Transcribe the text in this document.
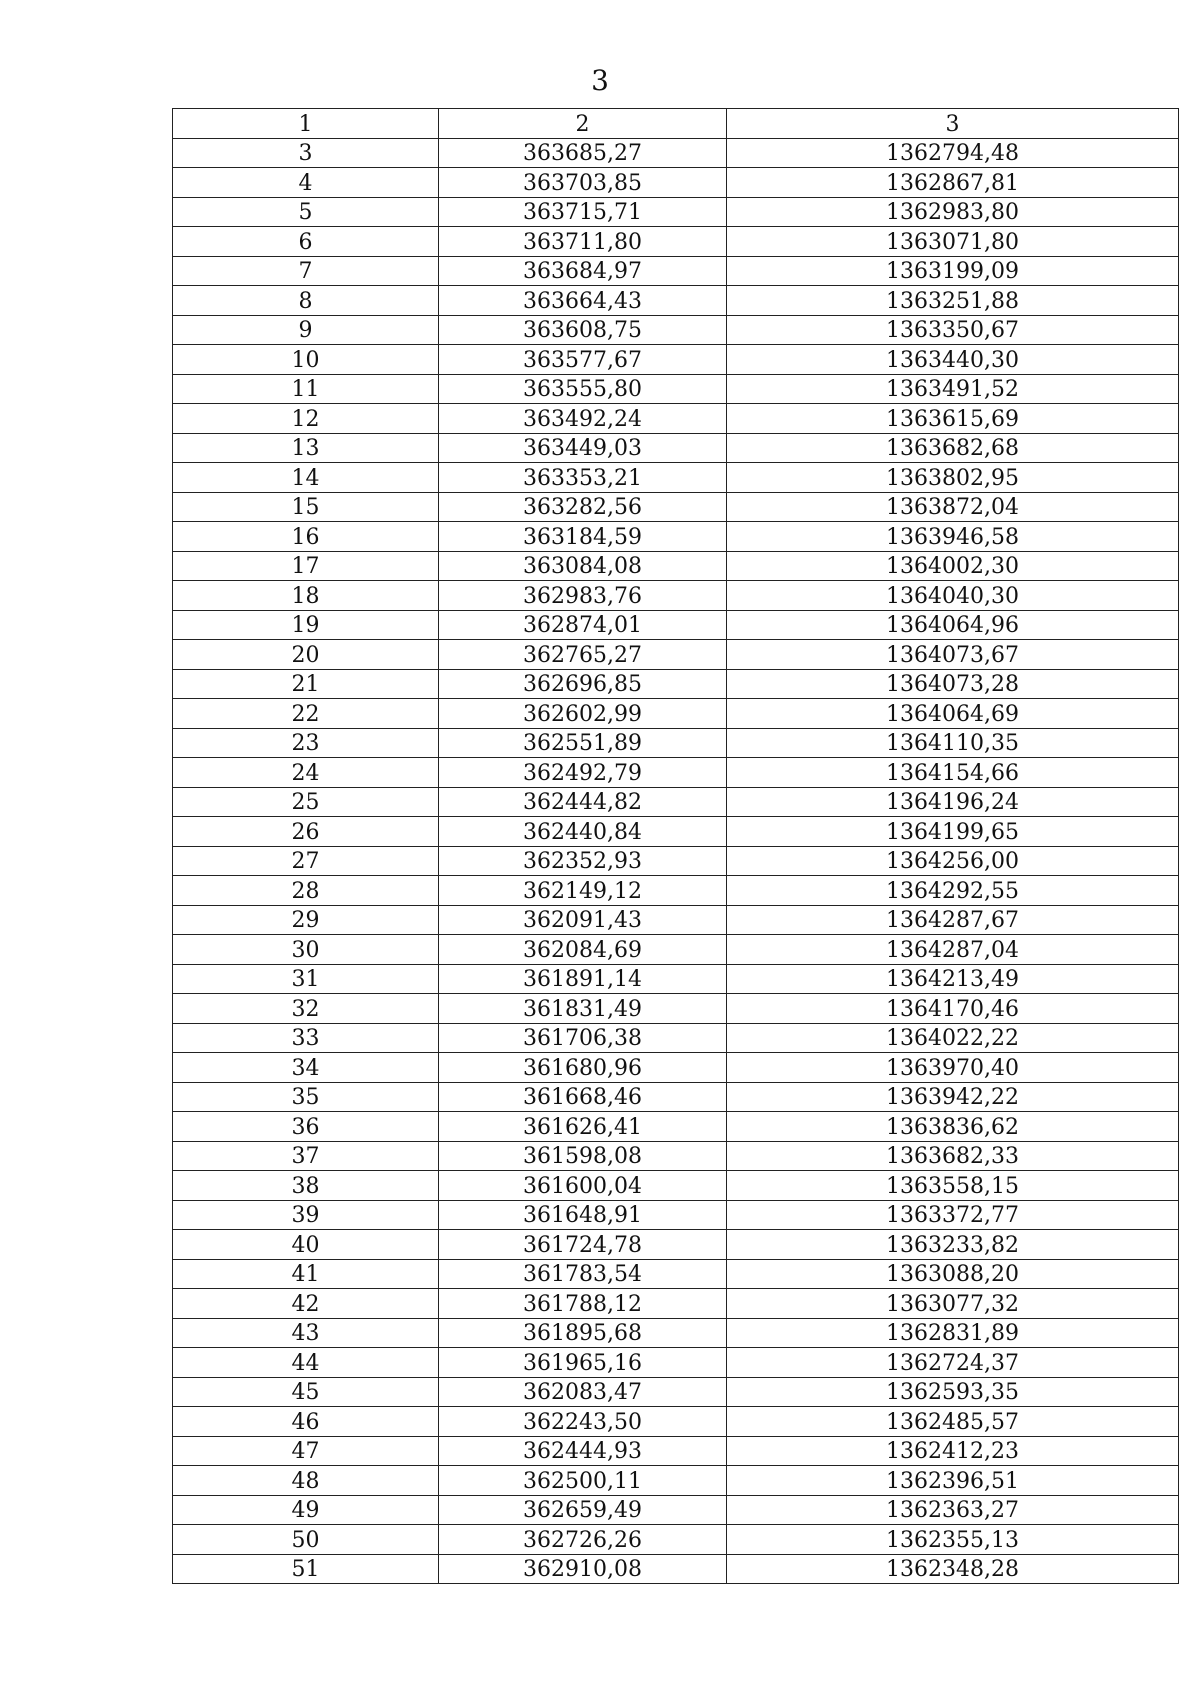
3
1	2	3
3	363685,27	1362794,48
4	363703,85	1362867,81
5	363715,71	1362983,80
6	363711,80	1363071,80
7	363684,97	1363199,09
8	363664,43	1363251,88
9	363608,75	1363350,67
10	363577,67	1363440,30
11	363555,80	1363491,52
12	363492,24	1363615,69
13	363449,03	1363682,68
14	363353,21	1363802,95
15	363282,56	1363872,04
16	363184,59	1363946,58
17	363084,08	1364002,30
18	362983,76	1364040,30
19	362874,01	1364064,96
20	362765,27	1364073,67
21	362696,85	1364073,28
22	362602,99	1364064,69
23	362551,89	1364110,35
24	362492,79	1364154,66
25	362444,82	1364196,24
26	362440,84	1364199,65
27	362352,93	1364256,00
28	362149,12	1364292,55
29	362091,43	1364287,67
30	362084,69	1364287,04
31	361891,14	1364213,49
32	361831,49	1364170,46
33	361706,38	1364022,22
34	361680,96	1363970,40
35	361668,46	1363942,22
36	361626,41	1363836,62
37	361598,08	1363682,33
38	361600,04	1363558,15
39	361648,91	1363372,77
40	361724,78	1363233,82
41	361783,54	1363088,20
42	361788,12	1363077,32
43	361895,68	1362831,89
44	361965,16	1362724,37
45	362083,47	1362593,35
46	362243,50	1362485,57
47	362444,93	1362412,23
48	362500,11	1362396,51
49	362659,49	1362363,27
50	362726,26	1362355,13
51	362910,08	1362348,28
